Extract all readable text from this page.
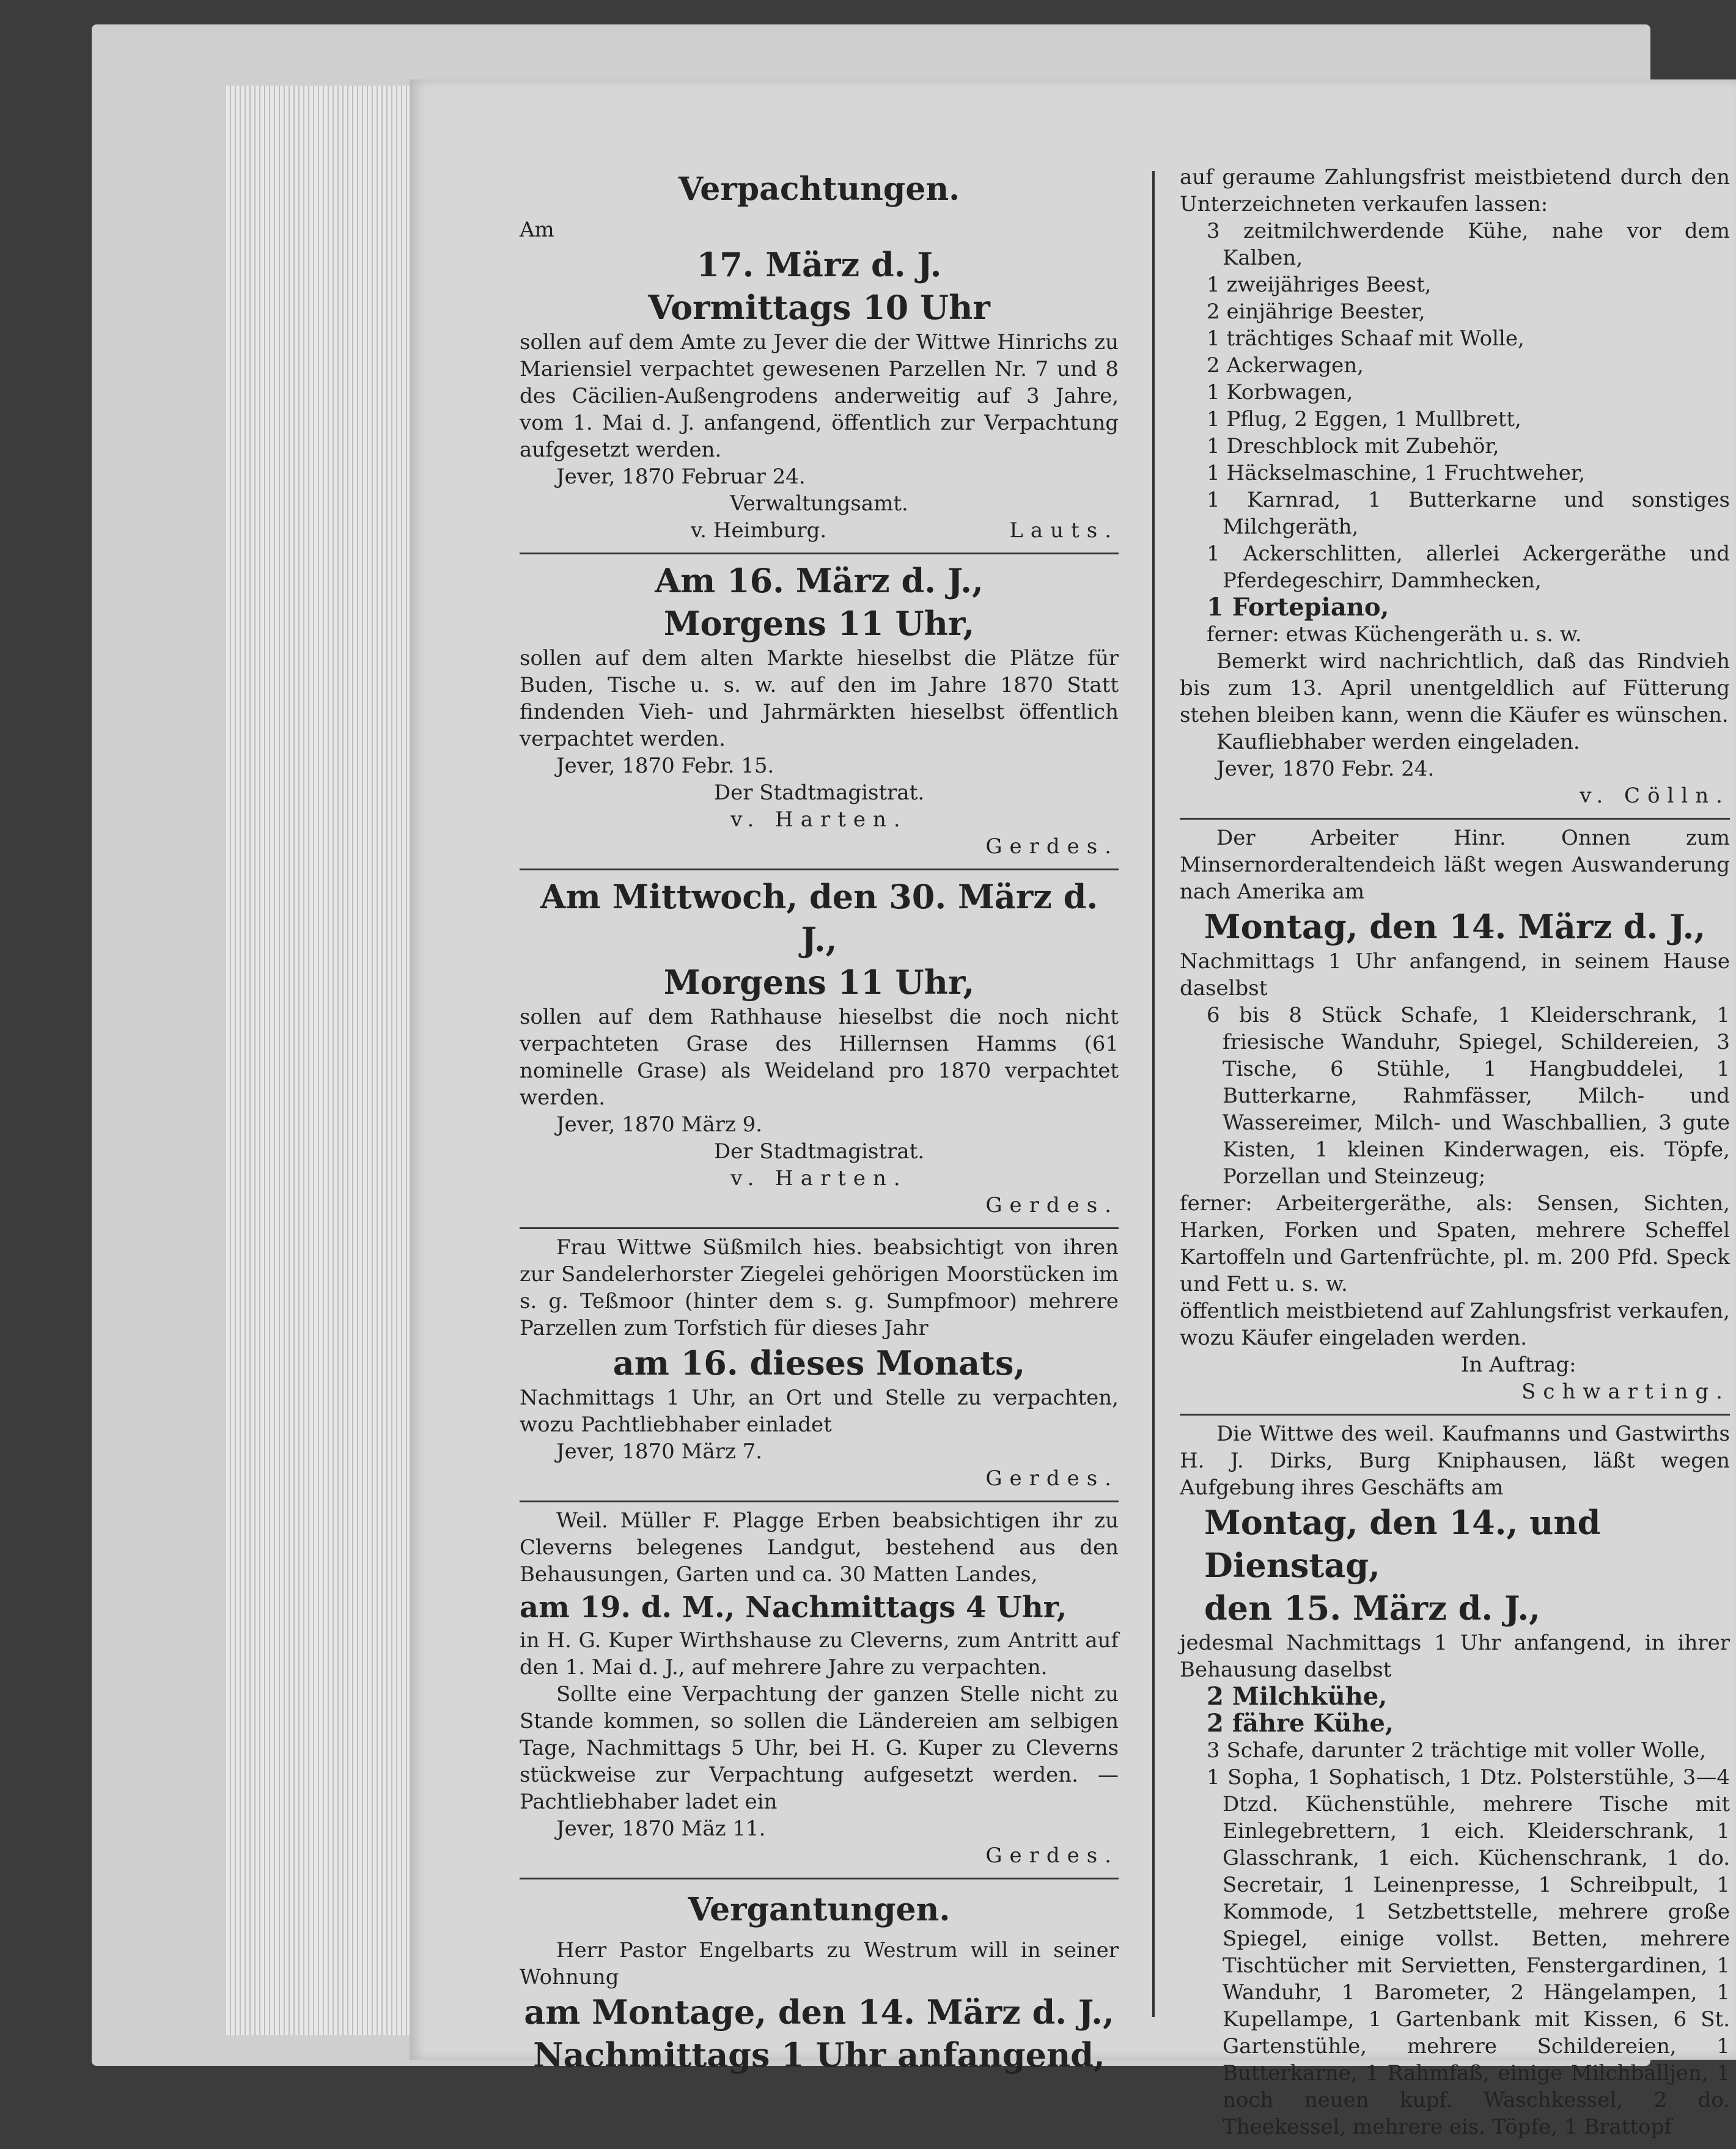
Verpachtungen.

Am

17. März d. J.
Vormittags 10 Uhr

sollen auf dem Amte zu Jever die der Wittwe Hinrichs zu Mariensiel verpachtet gewesenen Parzellen Nr. 7 und 8 des Cäcilien-Außengrodens anderweitig auf 3 Jahre, vom 1. Mai d. J. anfangend, öffentlich zur Verpachtung aufgesetzt werden.

Jever, 1870 Februar 24.

Verwaltungsamt.

v. Heimburg.	Lauts.
Am 16. März d. J.,
Morgens 11 Uhr,

sollen auf dem alten Markte hieselbst die Plätze für Buden, Tische u. s. w. auf den im Jahre 1870 Statt findenden Vieh- und Jahrmärkten hieselbst öffentlich verpachtet werden.

Jever, 1870 Febr. 15.

Der Stadtmagistrat.

v. Harten.

Gerdes.

Am Mittwoch, den 30. März d. J.,
Morgens 11 Uhr,

sollen auf dem Rathhause hieselbst die noch nicht verpachteten Grase des Hillernsen Hamms (61 nominelle Grase) als Weideland pro 1870 verpachtet werden.

Jever, 1870 März 9.

Der Stadtmagistrat.

v. Harten.

Gerdes.

Frau Wittwe Süßmilch hies. beabsichtigt von ihren zur Sandelerhorster Ziegelei gehörigen Moorstücken im s. g. Teßmoor (hinter dem s. g. Sumpfmoor) mehrere Parzellen zum Torfstich für dieses Jahr

am 16. dieses Monats,

Nachmittags 1 Uhr, an Ort und Stelle zu verpachten, wozu Pachtliebhaber einladet

Jever, 1870 März 7.

Gerdes.

Weil. Müller F. Plagge Erben beabsichtigen ihr zu Cleverns belegenes Landgut, bestehend aus den Behausungen, Garten und ca. 30 Matten Landes,

am 19. d. M., Nachmittags 4 Uhr,

in H. G. Kuper Wirthshause zu Cleverns, zum Antritt auf den 1. Mai d. J., auf mehrere Jahre zu verpachten.

Sollte eine Verpachtung der ganzen Stelle nicht zu Stande kommen, so sollen die Ländereien am selbigen Tage, Nachmittags 5 Uhr, bei H. G. Kuper zu Cleverns stückweise zur Verpachtung aufgesetzt werden. — Pachtliebhaber ladet ein

Jever, 1870 Mäz 11.

Gerdes.

Vergantungen.

Herr Pastor Engelbarts zu Westrum will in seiner Wohnung

am Montage, den 14. März d. J.,
Nachmittags 1 Uhr anfangend,

auf geraume Zahlungsfrist meistbietend durch den Unterzeichneten verkaufen lassen:

3 zeitmilchwerdende Kühe, nahe vor dem Kalben,

1 zweijähriges Beest,

2 einjährige Beester,

1 trächtiges Schaaf mit Wolle,

2 Ackerwagen,

1 Korbwagen,

1 Pflug, 2 Eggen, 1 Mullbrett,

1 Dreschblock mit Zubehör,

1 Häckselmaschine, 1 Fruchtweher,

1 Karnrad, 1 Butterkarne und sonstiges Milchgeräth,

1 Ackerschlitten, allerlei Ackergeräthe und Pferdegeschirr, Dammhecken,

1 Fortepiano,

ferner: etwas Küchengeräth u. s. w.

Bemerkt wird nachrichtlich, daß das Rindvieh bis zum 13. April unentgeldlich auf Fütterung stehen bleiben kann, wenn die Käufer es wünschen.

Kaufliebhaber werden eingeladen.

Jever, 1870 Febr. 24.

v. Cölln.

Der Arbeiter Hinr. Onnen zum Minsernorderaltendeich läßt wegen Auswanderung nach Amerika am

Montag, den 14. März d. J.,

Nachmittags 1 Uhr anfangend, in seinem Hause daselbst

6 bis 8 Stück Schafe, 1 Kleiderschrank, 1 friesische Wanduhr, Spiegel, Schildereien, 3 Tische, 6 Stühle, 1 Hangbuddelei, 1 Butterkarne, Rahmfässer, Milch- und Wassereimer, Milch- und Waschballien, 3 gute Kisten, 1 kleinen Kinderwagen, eis. Töpfe, Porzellan und Steinzeug;

ferner: Arbeitergeräthe, als: Sensen, Sichten, Harken, Forken und Spaten, mehrere Scheffel Kartoffeln und Gartenfrüchte, pl. m. 200 Pfd. Speck und Fett u. s. w.

öffentlich meistbietend auf Zahlungsfrist verkaufen, wozu Käufer eingeladen werden.

In Auftrag:

Schwarting.

Die Wittwe des weil. Kaufmanns und Gastwirths H. J. Dirks, Burg Kniphausen, läßt wegen Aufgebung ihres Geschäfts am

Montag, den 14., und Dienstag,
den 15. März d. J.,

jedesmal Nachmittags 1 Uhr anfangend, in ihrer Behausung daselbst

2 Milchkühe,

2 fähre Kühe,

3 Schafe, darunter 2 trächtige mit voller Wolle,

1 Sopha, 1 Sophatisch, 1 Dtz. Polsterstühle, 3—4 Dtzd. Küchenstühle, mehrere Tische mit Einlegebrettern, 1 eich. Kleiderschrank, 1 Glasschrank, 1 eich. Küchenschrank, 1 do. Secretair, 1 Leinenpresse, 1 Schreibpult, 1 Kommode, 1 Setzbettstelle, mehrere große Spiegel, einige vollst. Betten, mehrere Tischtücher mit Servietten, Fenstergardinen, 1 Wanduhr, 1 Barometer, 2 Hängelampen, 1 Kupellampe, 1 Gartenbank mit Kissen, 6 St. Gartenstühle, mehrere Schildereien, 1 Butterkarne, 1 Rahmfaß, einige Milchballjen, 1 noch neuen kupf. Waschkessel, 2 do. Theekessel, mehrere eis. Töpfe, 1 Brattopf
